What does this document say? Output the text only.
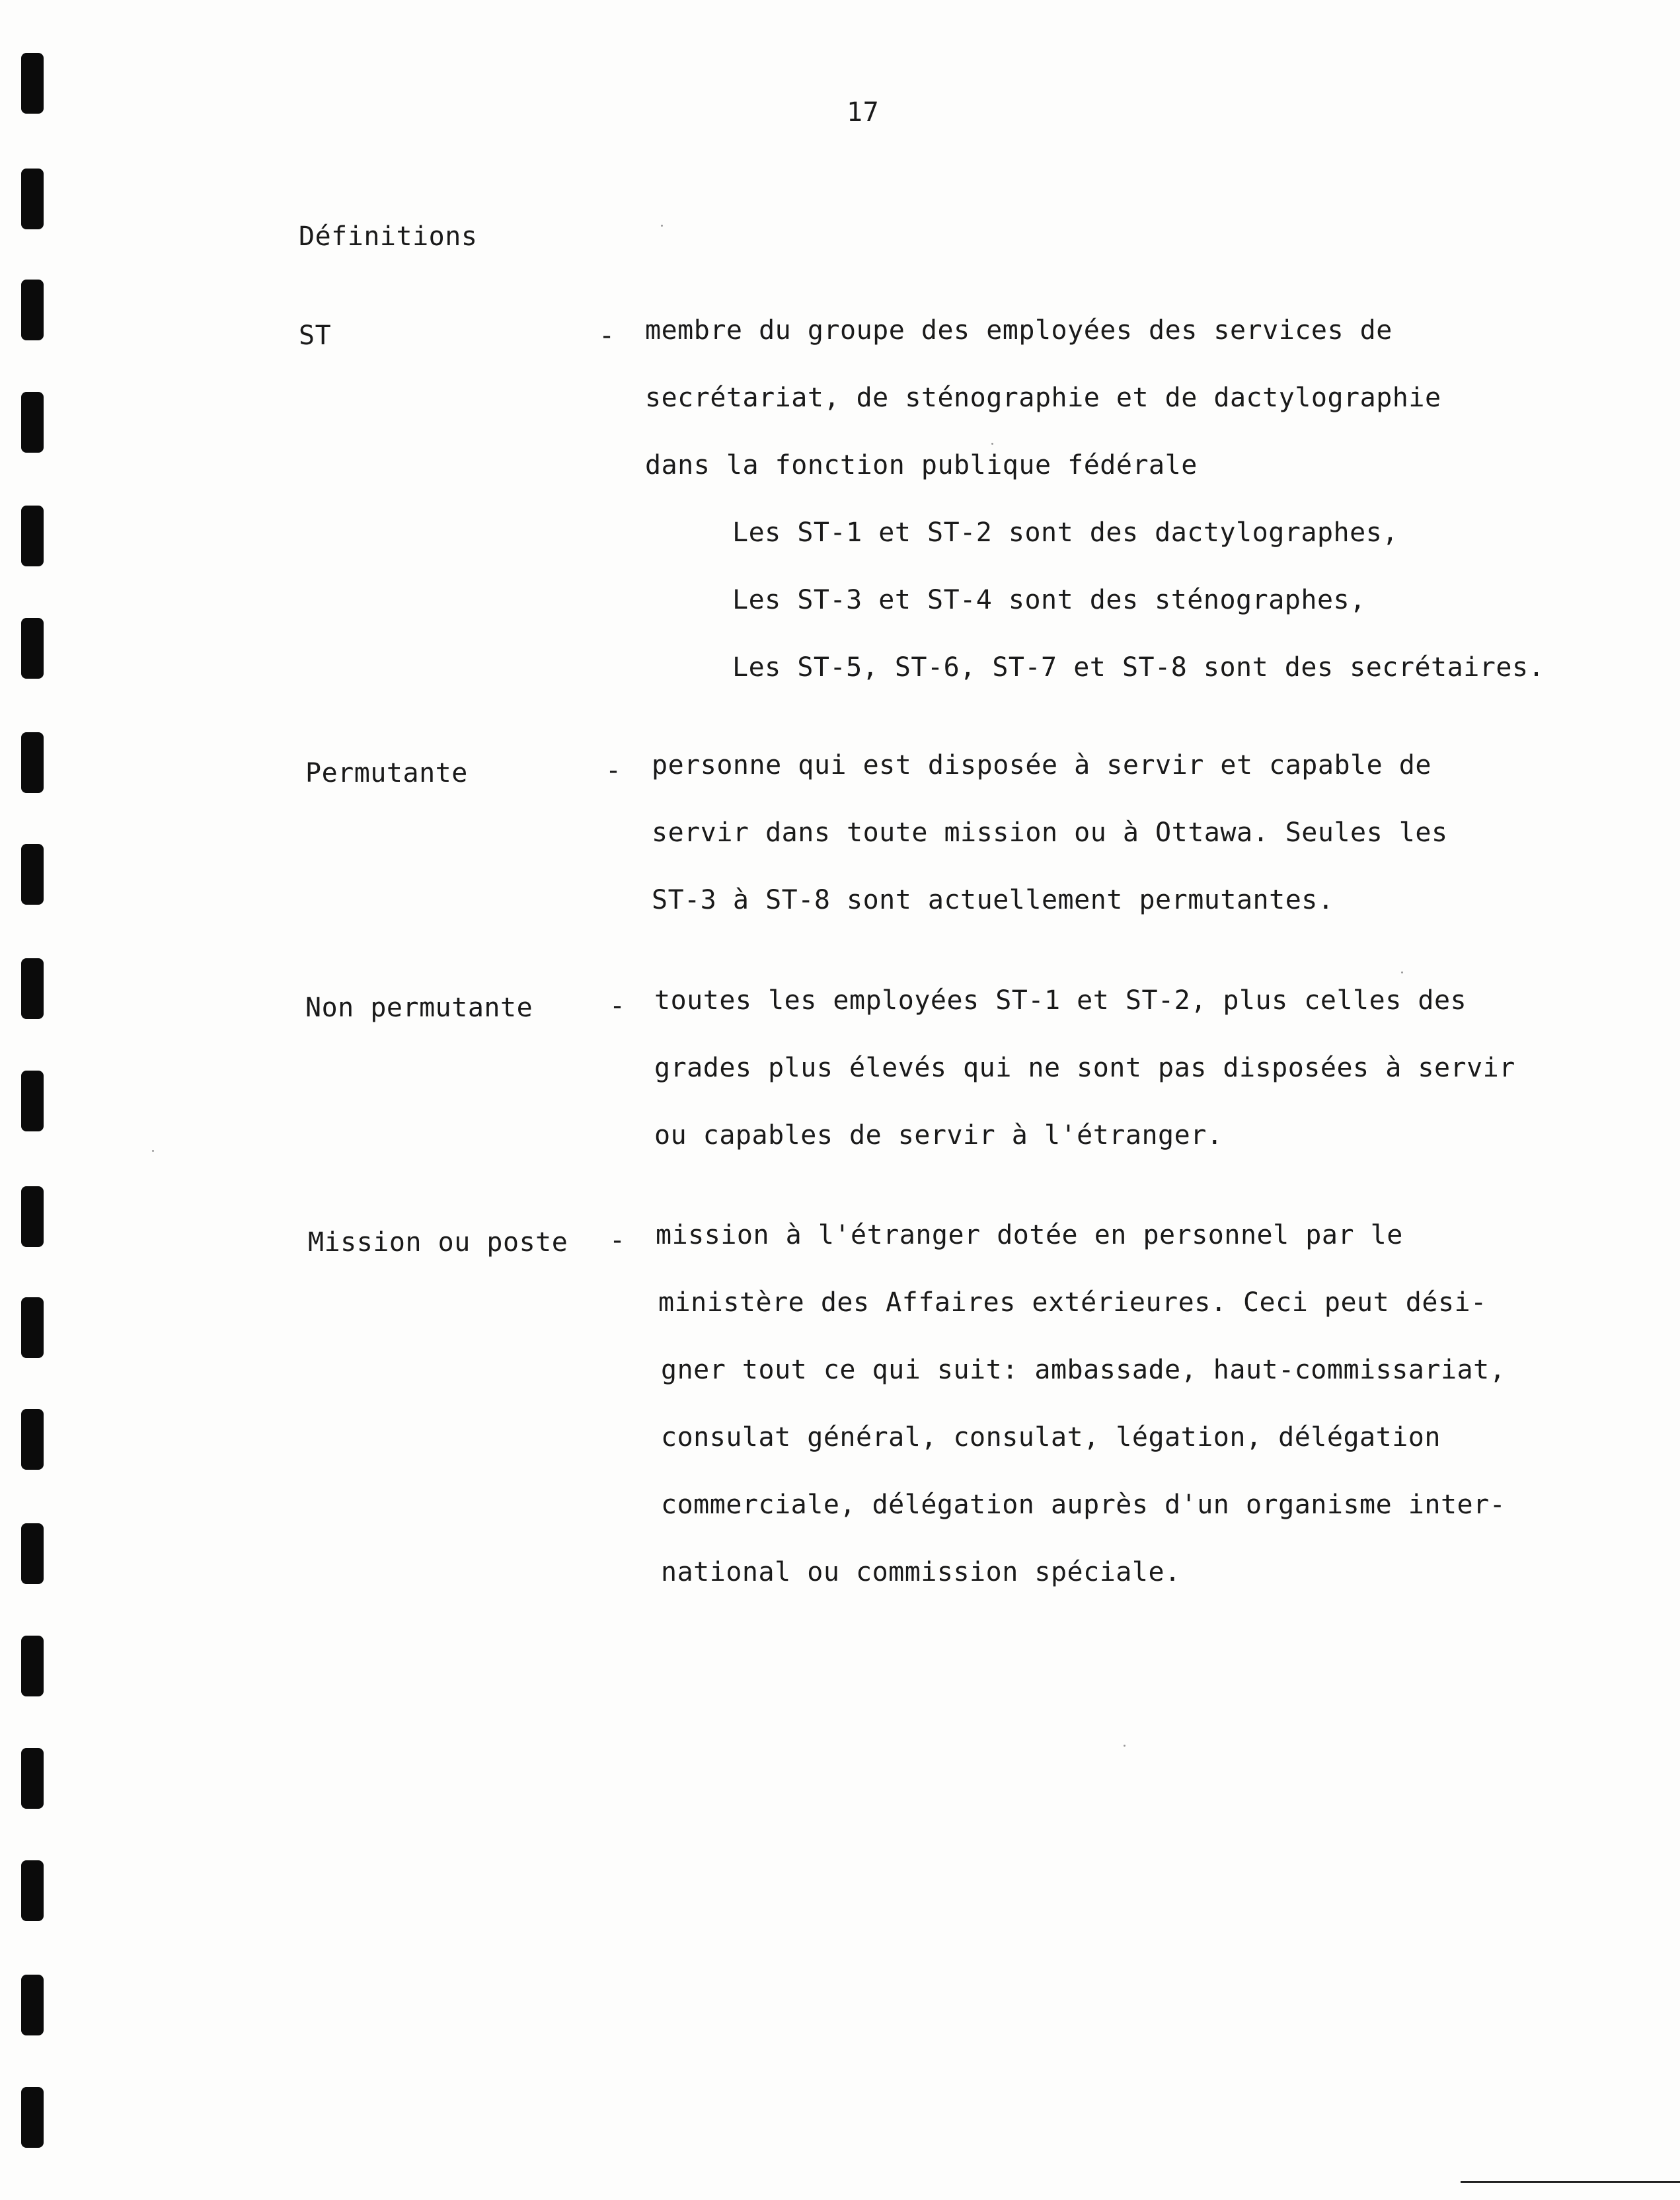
17
Définitions
ST	- membre du groupe des employées des services de
secrétariat, de sténographie et de dactylographie
dans la fonction publique fédérale
Les ST-1 et ST-2 sont des dactylographes,
Les ST-3 et ST-4 sont des sténographes,
Les ST-5, ST-6, ST-7 et ST-8 sont des secrétaires.
Permutante	- personne qui est disposée à servir et capable de
servir dans toute mission ou à Ottawa. Seules les
ST-3 à ST-8 sont actuellement permutantes.
Non permutante	- toutes les employées ST-1 et ST-2, plus celles des
grades plus élevés qui ne sont pas disposées à servir
ou capables de servir à l'étranger.
Mission ou poste - mission à l'étranger dotée en personnel par le
ministère des Affaires extérieures. Ceci peut dési-
gner tout ce qui suit: ambassade, haut-commissariat,
consulat général, consulat, légation, délégation
commerciale, délégation auprès d'un organisme inter-
national ou commission spéciale.
